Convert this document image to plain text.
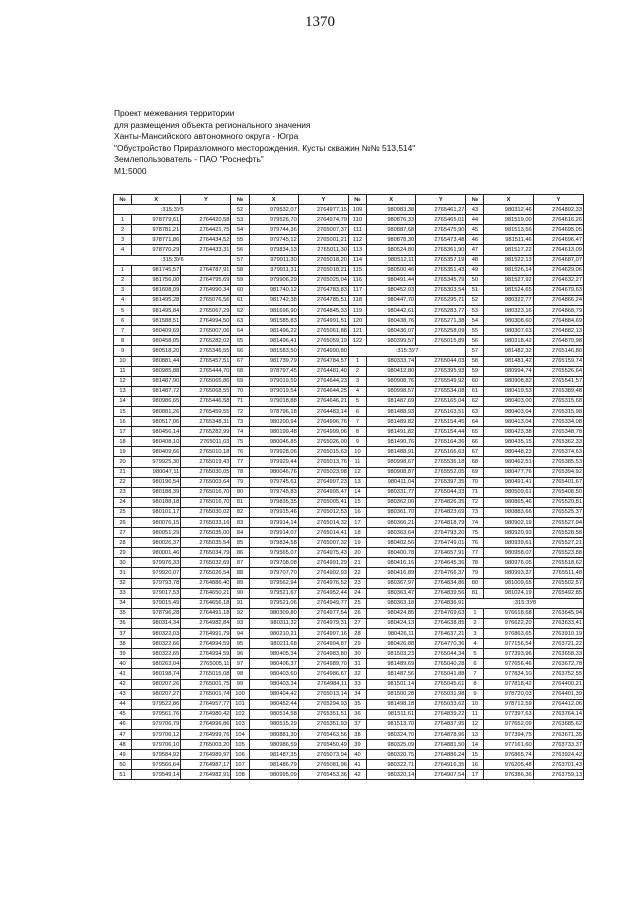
1370
Проект межевания территории
для размещения объекта регионального значения
Ханты-Мансийского автономного округа - Югра
"Обустройство Приразломного месторождения. Кусты скважин №№ 513,514"
Землепользователь - ПАО "Роснефть"
М1:5000
№	X	Y	№	X	Y	№	X	Y	№	X	Y
:315:ЗУ5			52	979532,07	2764977,15	109	980983,38	2765461,27	43	980312,46	2764892,33
1	978779,61	2764420,58	53	979526,70	2764974,79	110	980876,33	2765465,01	44	981519,00	2764616,26
2	978781,21	2764421,75	54	979744,36	2765007,37	111	980887,68	2765475,90	45	981513,56	2764695,05
3	978771,86	2764434,52	55	979745,12	2765001,21	112	980878,30	2765473,48	46	981511,46	2764696,47
4	978770,29	2764433,31	56	979834,13	2765011,30	113	980524,80	2765361,90	47	981517,22	2764613,09
:315:ЗУ6			57	979911,30	2765018,20	114	980512,11	2765357,19	48	981522,13	2764687,07
1	981745,57	2764787,91	58	979911,31	2765018,21	115	980500,46	2765351,43	49	981526,14	2764629,06
2	981756,00	2764795,69	59	979906,29	2765025,04	116	980491,44	2765345,79	50	981527,92	2764632,27
3	981608,09	2764990,34	60	981740,12	2764783,83	117	980452,03	2765303,54	51	981524,65	2764679,63
4	981495,28	2765076,56	61	981742,38	2764785,51	118	980447,70	2765295,71	52	980322,77	2764866,24
5	981495,84	2765067,29	62	981696,90	2764845,33	119	980442,61	2765283,77	53	980323,16	2764868,79
6	981588,51	2764994,50	63	981585,83	2764991,51	120	980438,76	2765271,38	54	980308,60	2764884,69
7	980409,69	2765007,06	64	981496,22	2765061,88	121	980436,07	2765258,09	55	980307,63	2764882,13
8	980458,05	2765282,02	65	981496,41	2765059,19	122	980399,57	2765015,89	56	980318,42	2764870,98
9	980518,20	2765346,55	66	981583,50	2764990,80	:315:ЗУ7			57	981482,32	2765146,80
10	980881,44	2765457,51	67	981739,79	2764784,57	1	980333,74	2765044,03	58	981481,42	2765159,74
11	980985,88	2765444,70	68	978797,45	2764481,40	2	980412,80	2765395,93	59	980994,74	2765526,64
12	981487,90	2765065,86	69	979019,59	2764644,23	3	980908,76	2765549,92	60	980908,82	2765541,57
13	981487,72	2765068,55	70	979019,54	2764644,25	4	980998,57	2765534,08	61	980419,53	2765389,48
14	980986,65	2765446,58	71	979018,88	2764646,21	5	981487,69	2765165,04	62	980403,00	2765315,68
15	980881,26	2765459,55	72	978796,18	2764483,14	6	981488,93	2765163,51	63	980403,04	2765315,98
16	980517,06	2765348,31	73	980200,94	2764996,76	7	981489,82	2765154,45	64	980413,04	2765334,08
17	980456,14	2765282,99	74	980199,48	2764999,06	8	981491,82	2765154,44	65	980423,38	2765348,78
18	980408,10	2765011,03	75	980046,85	2765026,00	9	981490,76	2765164,36	66	980435,15	2765362,33
19	980409,66	2765010,18	76	979928,06	2765015,63	10	981488,91	2765166,63	67	980448,23	2765374,63
20	979925,30	2765019,43	77	979929,44	2765013,76	11	980998,67	2765536,18	68	980462,51	2765385,53
21	980047,11	2765030,05	78	980046,76	2765023,98	12	980908,87	2765552,05	69	980477,76	2765394,92
22	980196,54	2765003,64	79	979745,61	2764997,23	13	980411,04	2765397,35	70	980491,41	2765401,67
23	980188,39	2765016,70	80	979745,83	2764995,47	14	980331,77	2765044,33	71	980509,61	2765408,50
24	980188,18	2765016,70	81	979835,35	2765005,41	15	980362,00	2764826,35	72	980865,46	2765520,81
25	980101,17	2765030,02	82	979915,46	2765012,53	16	980361,70	2764823,69	73	980883,66	2765525,37
26	980076,15	2765033,16	83	979914,14	2765014,32	17	980366,21	2764818,79	74	980902,19	2765527,94
27	980051,29	2765035,00	84	979914,07	2765014,41	18	980363,64	2764793,20	75	980920,93	2765528,58
28	980026,37	2765035,54	85	979834,58	2765007,32	19	980402,56	2764749,01	76	980939,61	2765527,21
29	980001,46	2765034,79	86	979565,07	2764975,43	20	980400,78	2764657,91	77	980958,07	2765523,88
30	979976,33	2765032,69	87	979708,08	2764991,29	21	980416,16	2764645,36	78	980976,05	2765518,62
31	979920,07	2765026,54	88	979707,70	2764992,93	22	980416,89	2764766,37	79	980993,37	2765511,48
32	979793,78	2764886,40	89	979562,94	2764976,52	23	980367,97	2764834,86	80	981009,65	2765502,57
33	979017,53	2764650,21	90	979521,67	2764952,44	24	980363,47	2764839,56	81	981024,19	2765492,85
34	979015,49	2764656,18	91	979521,06	2764949,77	25	980363,18	2764836,91	:315:ЗУ8		
35	978796,28	2764491,18	92	980309,80	2764977,54	26	980424,85	2764769,63	1	976618,68	2763645,94
36	980314,34	2764982,84	93	980311,32	2764979,31	27	980424,13	2764638,85	2	976622,20	2763633,41
37	980322,03	2764991,79	94	980210,21	2764997,16	28	980426,11	2764637,21	3	976863,65	2763910,19
38	980322,66	2764994,59	95	980211,68	2764994,87	29	980426,88	2764770,36	4	977156,54	2763721,22
39	980322,65	2764994,59	96	980405,34	2764983,80	30	981503,23	2765044,34	5	977393,96	2763658,33
40	980263,04	2765005,11	97	980406,37	2764989,70	31	981489,69	2765040,28	6	977656,46	2763672,78
41	980198,74	2765015,08	98	980403,60	2764986,67	32	981487,56	2765041,88	7	977834,10	2763752,55
42	980207,26	2765001,75	99	980403,34	2764984,11	33	981501,14	2765045,61	8	977818,42	2764400,21
43	980207,27	2765001,74	100	980404,42	2765013,14	34	981500,28	2765031,98	9	978720,03	2764401,39
44	979522,86	2764957,77	101	980452,44	2765294,93	35	981498,18	2765033,62	10	978712,59	2764412,06
45	979561,76	2764980,42	102	980514,58	2765351,51	36	981511,61	2764839,22	11	977397,63	2763764,14
46	979706,79	2764996,86	103	980515,29	2765351,93	37	981513,70	2764837,95	12	977652,09	2763685,62
47	979706,12	2764999,76	104	980881,30	2765463,56	38	980324,70	2764878,96	13	977394,75	2763671,35
48	979706,10	2765003,20	105	980986,59	2765450,49	39	980325,09	2764881,50	14	977161,60	2763733,37
49	979584,92	2764989,97	106	981487,35	2765073,94	40	980320,75	2764886,24	15	976865,74	2763924,42
50	979566,64	2764987,17	107	981486,79	2765081,96	41	980322,71	2764916,35	16	976205,48	2763701,43
51	979549,14	2764982,91	108	980995,09	2765453,36	42	980320,14	2764907,54	17	976386,36	2763759,13
